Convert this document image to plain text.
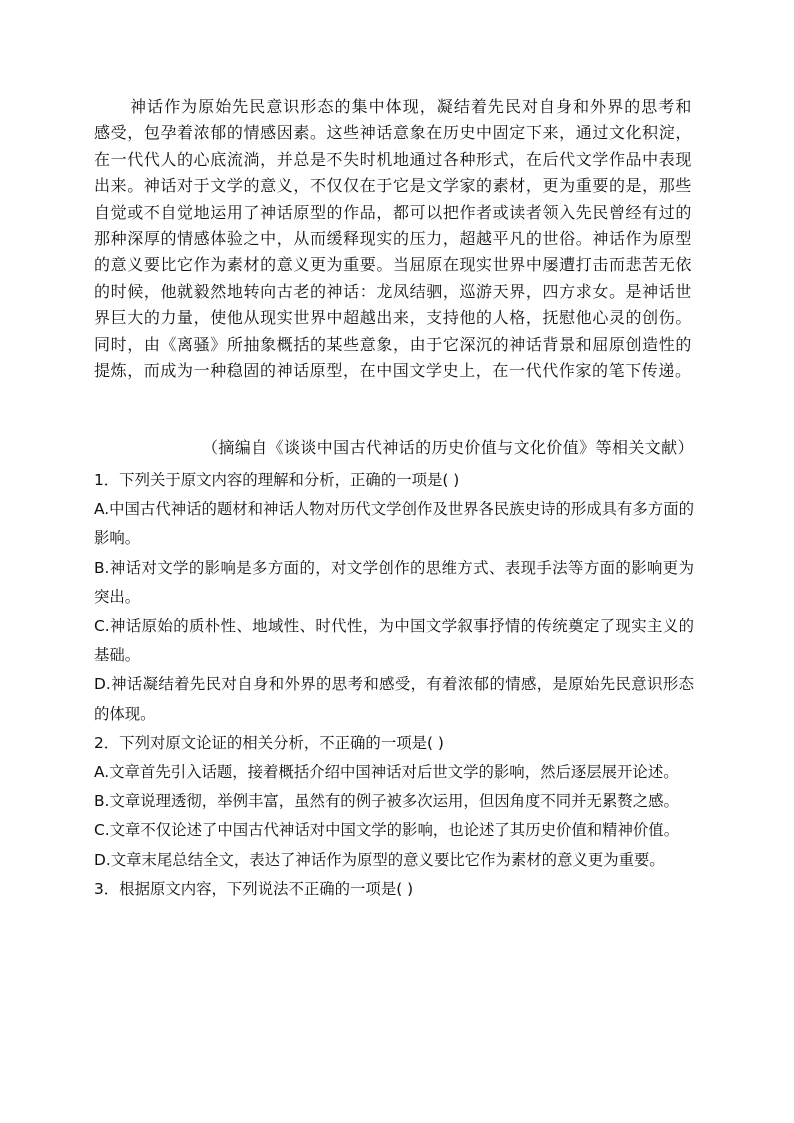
神话作为原始先民意识形态的集中体现，凝结着先民对自身和外界的思考和感受，包孕着浓郁的情感因素。这些神话意象在历史中固定下来，通过文化积淀，在一代代人的心底流淌，并总是不失时机地通过各种形式，在后代文学作品中表现出来。神话对于文学的意义，不仅仅在于它是文学家的素材，更为重要的是，那些自觉或不自觉地运用了神话原型的作品，都可以把作者或读者领入先民曾经有过的那种深厚的情感体验之中，从而缓释现实的压力，超越平凡的世俗。神话作为原型的意义要比它作为素材的意义更为重要。当屈原在现实世界中屡遭打击而悲苦无依的时候，他就毅然地转向古老的神话：龙凤结驷，巡游天界，四方求女。是神话世界巨大的力量，使他从现实世界中超越出来，支持他的人格，抚慰他心灵的创伤。同时，由《离骚》所抽象概括的某些意象，由于它深沉的神话背景和屈原创造性的提炼，而成为一种稳固的神话原型，在中国文学史上，在一代代作家的笔下传递。

（摘编自《谈谈中国古代神话的历史价值与文化价值》等相关文献）

1．下列关于原文内容的理解和分析，正确的一项是( )

A.中国古代神话的题材和神话人物对历代文学创作及世界各民族史诗的形成具有多方面的影响。

B.神话对文学的影响是多方面的，对文学创作的思维方式、表现手法等方面的影响更为突出。

C.神话原始的质朴性、地域性、时代性，为中国文学叙事抒情的传统奠定了现实主义的基础。

D.神话凝结着先民对自身和外界的思考和感受，有着浓郁的情感，是原始先民意识形态的体现。

2．下列对原文论证的相关分析，不正确的一项是( )

A.文章首先引入话题，接着概括介绍中国神话对后世文学的影响，然后逐层展开论述。

B.文章说理透彻，举例丰富，虽然有的例子被多次运用，但因角度不同并无累赘之感。

C.文章不仅论述了中国古代神话对中国文学的影响，也论述了其历史价值和精神价值。

D.文章末尾总结全文，表达了神话作为原型的意义要比它作为素材的意义更为重要。

3．根据原文内容，下列说法不正确的一项是( )
